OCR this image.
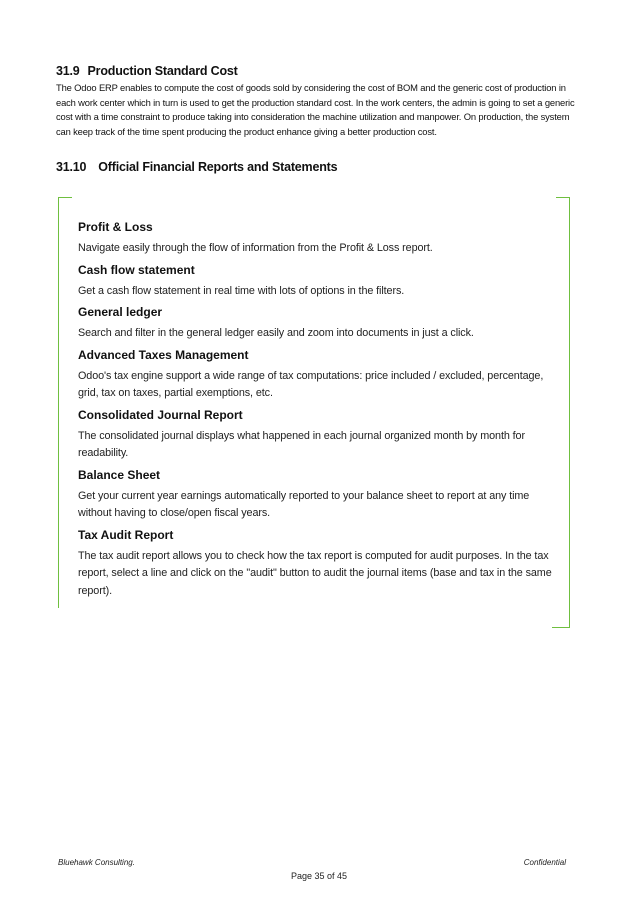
31.9 Production Standard Cost

The Odoo ERP enables to compute the cost of goods sold by considering the cost of BOM and the generic cost of production in each work center which in turn is used to get the production standard cost. In the work centers, the admin is going to set a generic cost with a time constraint to produce taking into consideration the machine utilization and manpower. On production, the system can keep track of the time spent producing the product enhance giving a better production cost.

31.10 Official Financial Reports and Statements

Profit & Loss

Navigate easily through the flow of information from the Profit & Loss report.

Cash flow statement

Get a cash flow statement in real time with lots of options in the filters.

General ledger

Search and filter in the general ledger easily and zoom into documents in just a click.

Advanced Taxes Management

Odoo's tax engine support a wide range of tax computations: price included / excluded, percentage, grid, tax on taxes, partial exemptions, etc.

Consolidated Journal Report

The consolidated journal displays what happened in each journal organized month by month for readability.

Balance Sheet

Get your current year earnings automatically reported to your balance sheet to report at any time without having to close/open fiscal years.

Tax Audit Report

The tax audit report allows you to check how the tax report is computed for audit purposes. In the tax report, select a line and click on the "audit" button to audit the journal items (base and tax in the same report).

Bluehawk Consulting.	Confidential
Page 35 of 45
